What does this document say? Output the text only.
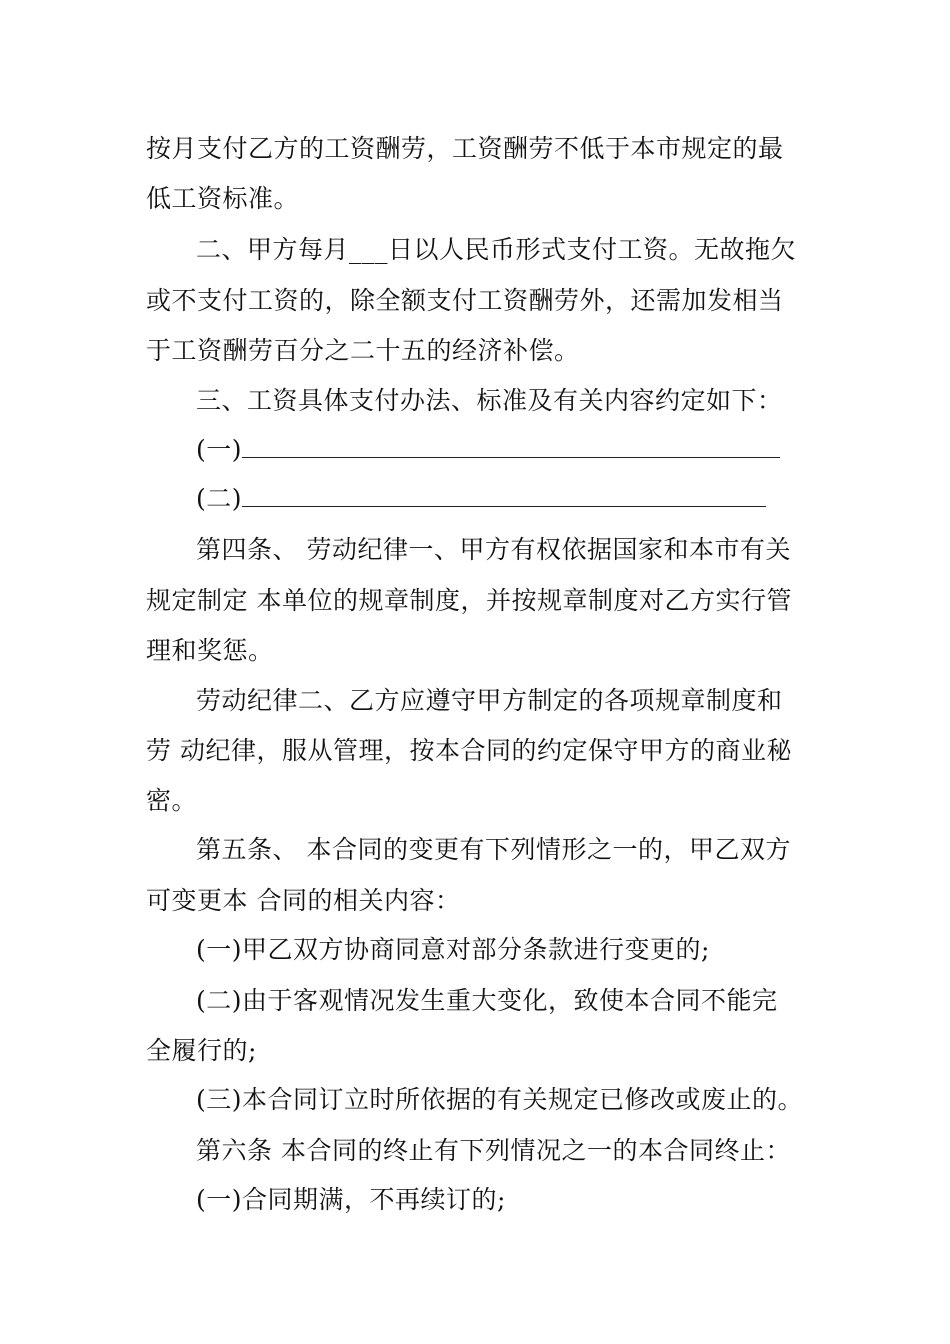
按月支付乙方的工资酬劳，工资酬劳不低于本市规定的最
低工资标准。
二、甲方每月___日以人民币形式支付工资。无故拖欠
或不支付工资的，除全额支付工资酬劳外，还需加发相当
于工资酬劳百分之二十五的经济补偿。
三、工资具体支付办法、标准及有关内容约定如下：
(一)
(二)
第四条、 劳动纪律一、甲方有权依据国家和本市有关
规定制定 本单位的规章制度，并按规章制度对乙方实行管
理和奖惩。
劳动纪律二、乙方应遵守甲方制定的各项规章制度和
劳 动纪律，服从管理，按本合同的约定保守甲方的商业秘
密。
第五条、 本合同的变更有下列情形之一的，甲乙双方
可变更本 合同的相关内容：
(一)甲乙双方协商同意对部分条款进行变更的;
(二)由于客观情况发生重大变化，致使本合同不能完
全履行的;
(三)本合同订立时所依据的有关规定已修改或废止的。
第六条 本合同的终止有下列情况之一的本合同终止：
(一)合同期满，不再续订的;
